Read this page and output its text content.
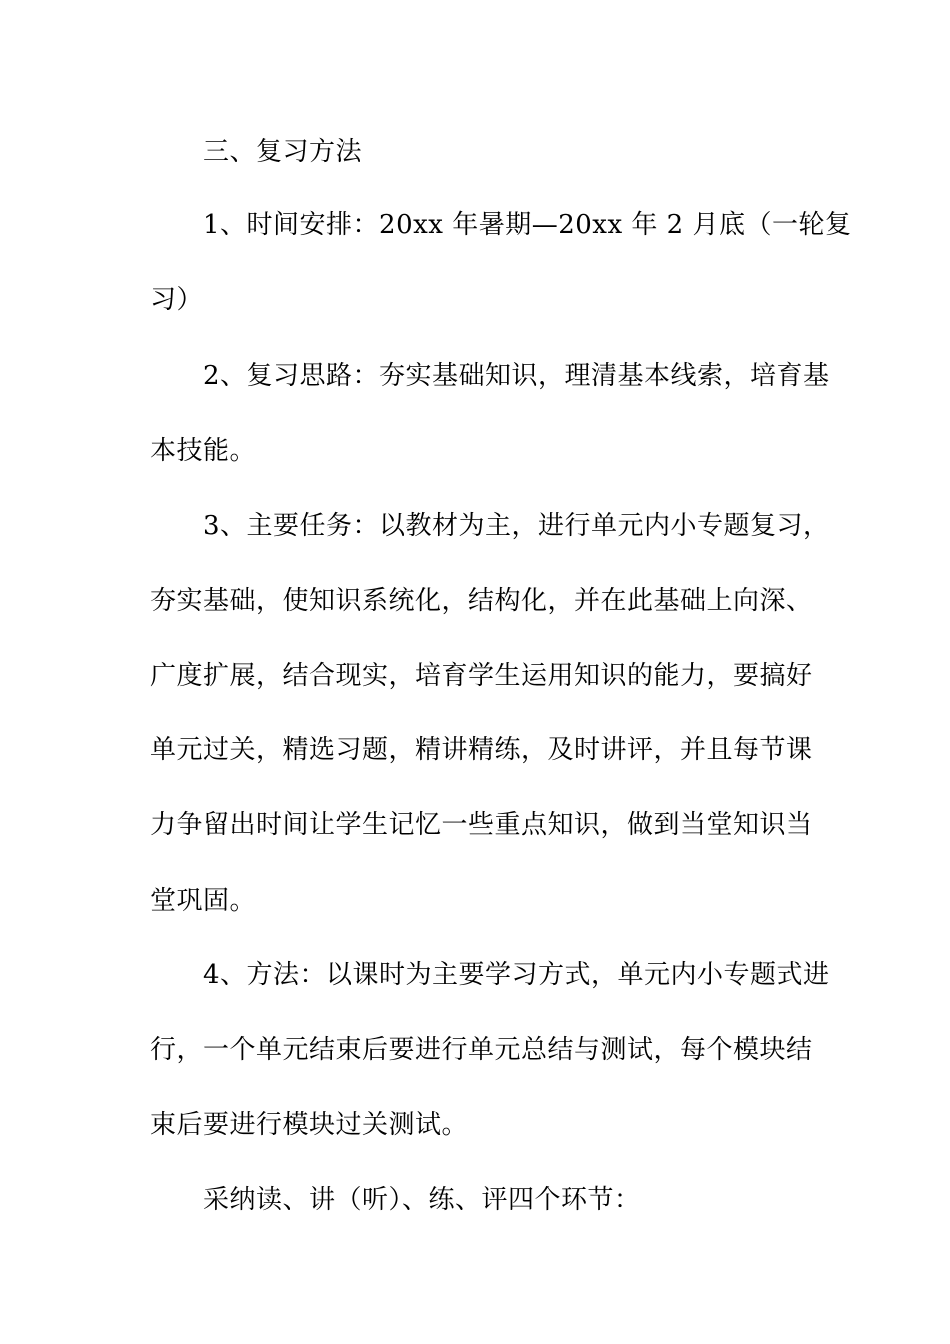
三、复习方法
1、时间安排：20xx 年暑期—20xx 年 2 月底（一轮复
习）
2、复习思路：夯实基础知识，理清基本线索，培育基
本技能。
3、主要任务：以教材为主，进行单元内小专题复习，
夯实基础，使知识系统化，结构化，并在此基础上向深、
广度扩展，结合现实，培育学生运用知识的能力，要搞好
单元过关，精选习题，精讲精练，及时讲评，并且每节课
力争留出时间让学生记忆一些重点知识，做到当堂知识当
堂巩固。
4、方法：以课时为主要学习方式，单元内小专题式进
行，一个单元结束后要进行单元总结与测试，每个模块结
束后要进行模块过关测试。
采纳读、讲（听）、练、评四个环节：
